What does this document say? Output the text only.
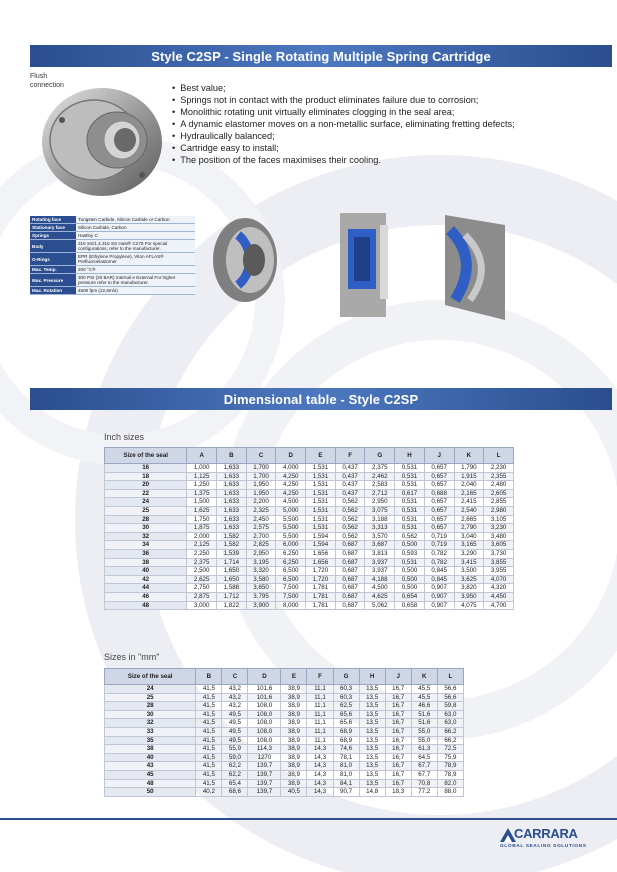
Style C2SP - Single Rotating Multiple Spring Cartridge
Flush
connection	• Best value;
• Springs not in contact with the product eliminates failure due to corrosion;
• Monolithic rotating unit virtually eliminates clogging in the seal area;
• A dynamic elastomer moves on a non-metallic surface, eliminating fretting defects;
• Hydraulically balanced;
• Cartridge easy to install;
• The position of the faces maximises their cooling.
Rotating face	Tungsten Carbide, Silicon Carbide or Carbon
Stationary face	Silicon Carbide, Carbon
Springs	Hastloy C
Body	316 SS/1.4.316 SS Hast® C276 For special configurations, refer to the manufacturer.
O-Rings	EPR (Ethylene Propylene), Viton AFLAS® Perfluoroelastomer
Max. Temp.	200 °C®
Max. Pressure	300 PSI (20 BAR) Internal e External For higher pressure refer to the manufacturer.
Max. Rotation	4500 fpm (22,8m/s)
Dimensional table - Style C2SP
Inch sizes
Size of the seal	A	B	C	D	E	F	G	H	J	K	L
16	1,000	1,633	1,700	4,000	1,531	0,437	2,375	0,531	0,657	1,790	2,230
18	1,125	1,633	1,700	4,250	1,531	0,437	2,462	0,531	0,657	1,915	2,355
20	1,250	1,633	1,950	4,250	1,531	0,437	2,583	0,531	0,657	2,040	2,480
22	1,375	1,633	1,950	4,250	1,531	0,437	2,712	0,617	0,688	2,165	2,605
24	1,500	1,633	2,200	4,500	1,531	0,562	2,950	0,531	0,657	2,415	2,855
25	1,625	1,633	2,325	5,000	1,531	0,562	3,075	0,531	0,657	2,540	2,980
28	1,750	1,633	2,450	5,500	1,531	0,562	3,188	0,531	0,657	2,665	3,105
30	1,875	1,633	2,575	5,500	1,531	0,562	3,313	0,531	0,657	2,790	3,230
32	2,000	1,582	2,700	5,500	1,594	0,562	3,570	0,562	0,719	3,040	3,480
34	2,125	1,582	2,825	6,000	1,594	0,687	3,687	0,500	0,719	3,165	3,605
36	2,250	1,539	2,950	6,250	1,656	0,687	3,813	0,593	0,782	3,290	3,730
38	2,375	1,714	3,195	6,250	1,656	0,687	3,937	0,531	0,782	3,415	3,855
40	2,500	1,650	3,320	6,500	1,720	0,687	3,937	0,500	0,845	3,500	3,955
42	2,625	1,650	3,580	6,500	1,720	0,687	4,188	0,500	0,845	3,625	4,070
44	2,750	1,588	3,650	7,500	1,781	0,687	4,500	0,500	0,907	3,820	4,320
46	2,875	1,712	3,795	7,500	1,781	0,687	4,625	0,654	0,907	3,950	4,450
48	3,000	1,822	3,900	8,000	1,781	0,687	5,062	0,658	0,907	4,075	4,700
Sizes in "mm"
Size of the seal	B	C	D	E	F	G	H	J	K	L
24	41,5	43,2	101,6	38,9	11,1	60,3	13,5	16,7	45,5	56,6
25	41,5	43,2	101,6	38,9	11,1	60,3	13,5	16,7	45,5	56,6
28	41,5	43,2	108,0	38,9	11,1	62,5	13,5	16,7	46,6	59,8
30	41,5	49,5	108,0	38,9	11,1	65,6	13,5	16,7	51,6	63,0
32	41,5	49,5	108,0	38,9	11,1	65,6	13,5	16,7	51,6	63,0
33	41,5	49,5	108,0	38,9	11,1	68,9	13,5	16,7	55,0	66,2
35	41,5	49,5	108,0	38,9	11,1	68,9	13,5	16,7	55,0	66,2
38	41,5	55,9	114,3	38,9	14,3	74,6	13,5	16,7	61,3	72,5
40	41,5	59,0	1270	38,9	14,3	78,1	13,5	16,7	64,5	75,9
43	41,5	62,2	139,7	38,9	14,3	81,0	13,5	16,7	67,7	78,9
45	41,5	62,2	139,7	38,9	14,3	81,0	13,5	16,7	67,7	78,9
48	41,5	65,4	139,7	38,9	14,3	84,1	13,5	16,7	70,8	82,0
50	40,2	68,6	139,7	40,5	14,3	90,7	14,8	18,3	77,2	88,0
CARRARA
GLOBAL SEALING SOLUTIONS
